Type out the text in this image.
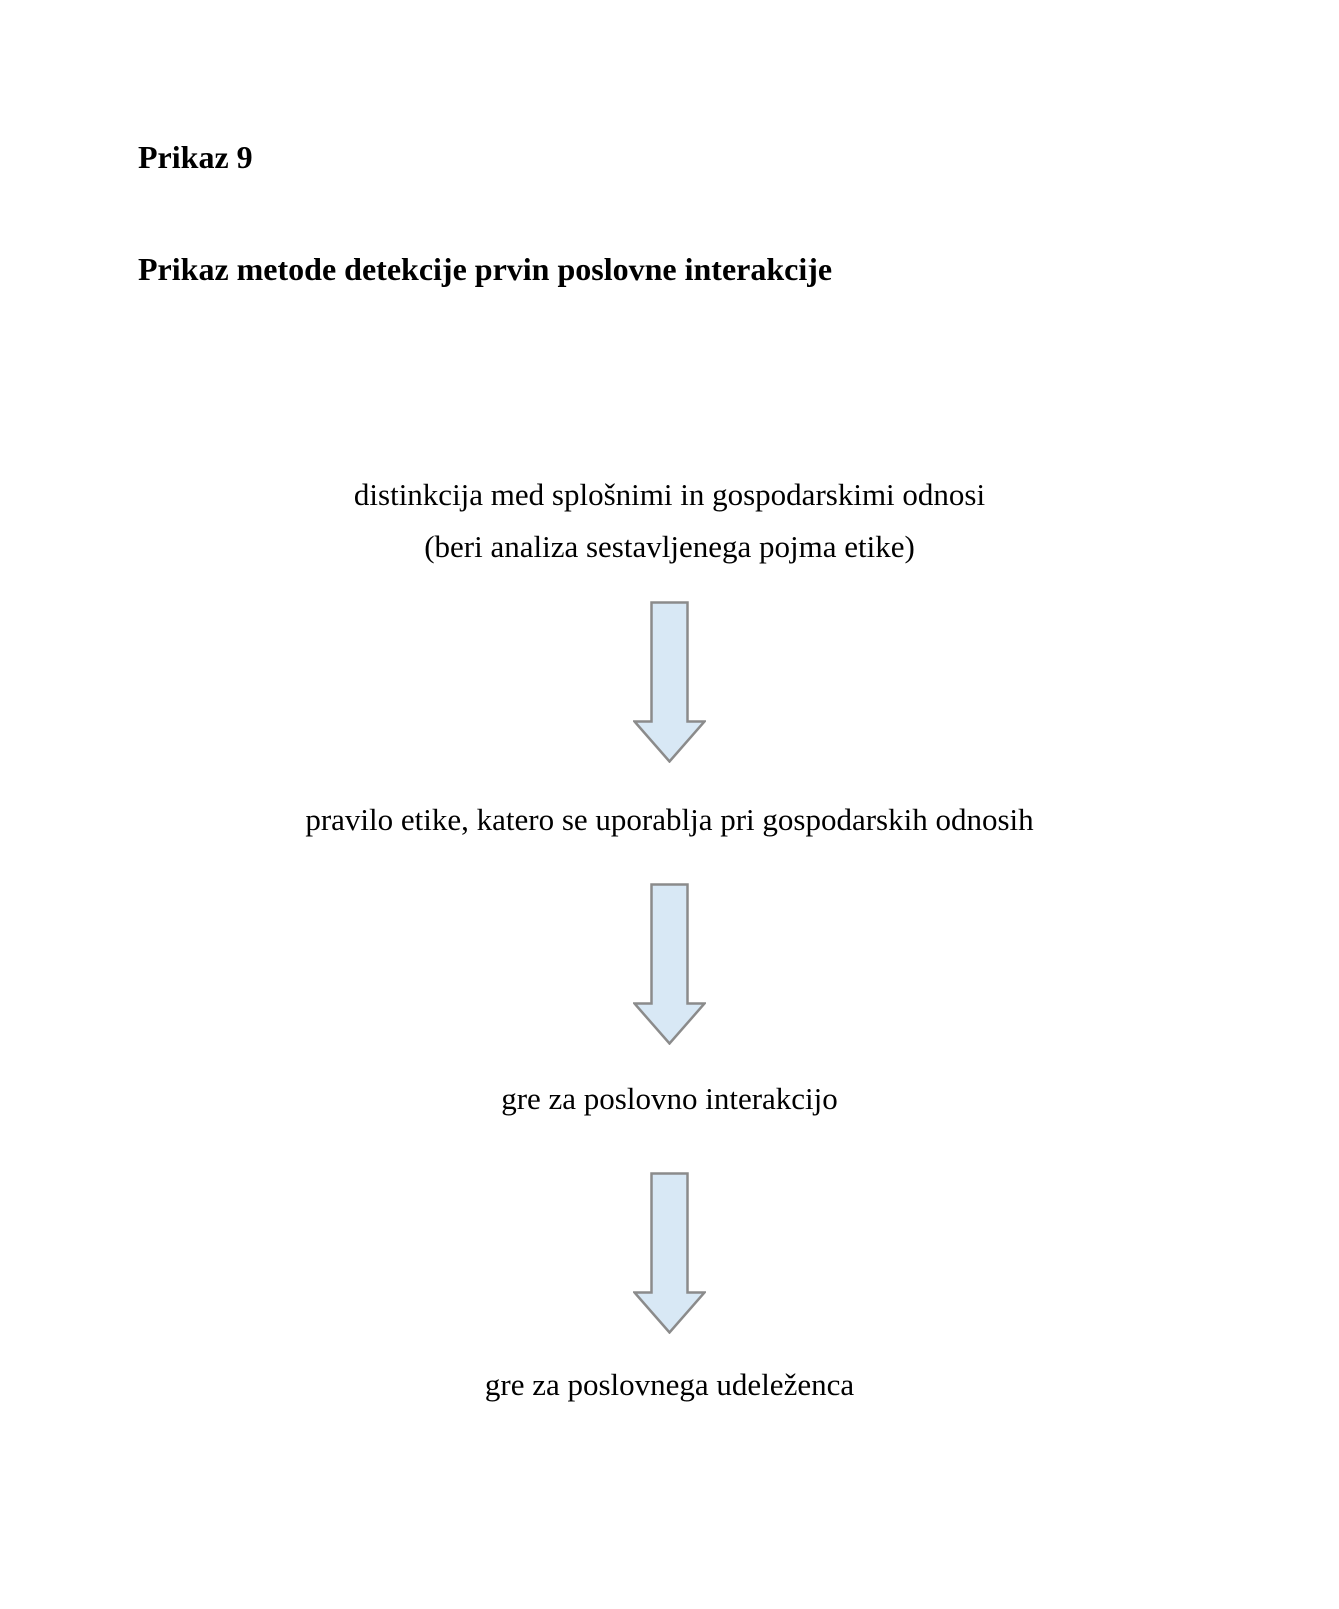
Prikaz 9
Prikaz metode detekcije prvin poslovne interakcije
distinkcija med splošnimi in gospodarskimi odnosi
(beri analiza sestavljenega pojma etike)
pravilo etike, katero se uporablja pri gospodarskih odnosih
gre za poslovno interakcijo
gre za poslovnega udeleženca
